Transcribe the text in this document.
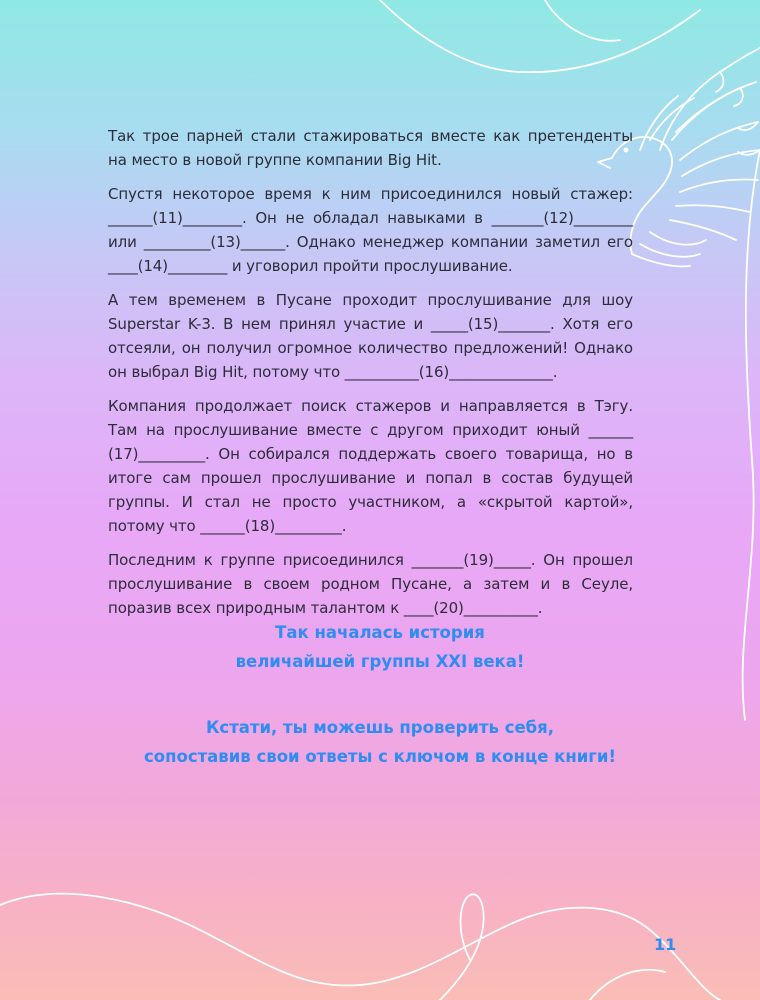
Так трое парней стали стажироваться вместе как претенденты на место в новой группе компании Big Hit.

Спустя некоторое время к ним присоединился новый стажер: ______(11)________. Он не обладал навыками в _______(12)________ или _________(13)______. Однако менеджер компании заметил его ____(14)________ и уговорил пройти прослушивание.

А тем временем в Пусане проходит прослушивание для шоу Superstar K-3. В нем принял участие и _____(15)_______. Хотя его отсеяли, он получил огромное количество предложений! Однако он выбрал Big Hit, потому что __________(16)______________.

Компания продолжает поиск стажеров и направляется в Тэгу. Там на прослушивание вместе с другом приходит юный ______ (17)_________. Он собирался поддержать своего товарища, но в итоге сам прошел прослушивание и попал в состав будущей группы. И стал не просто участником, а «скрытой картой», потому что ______(18)_________.

Последним к группе присоединился _______(19)_____. Он прошел прослушивание в своем родном Пусане, а затем и в Сеуле, поразив всех природным талантом к ____(20)__________.

Так началась история
величайшей группы XXI века!
Кстати, ты можешь проверить себя,
сопоставив свои ответы с ключом в конце книги!
11
